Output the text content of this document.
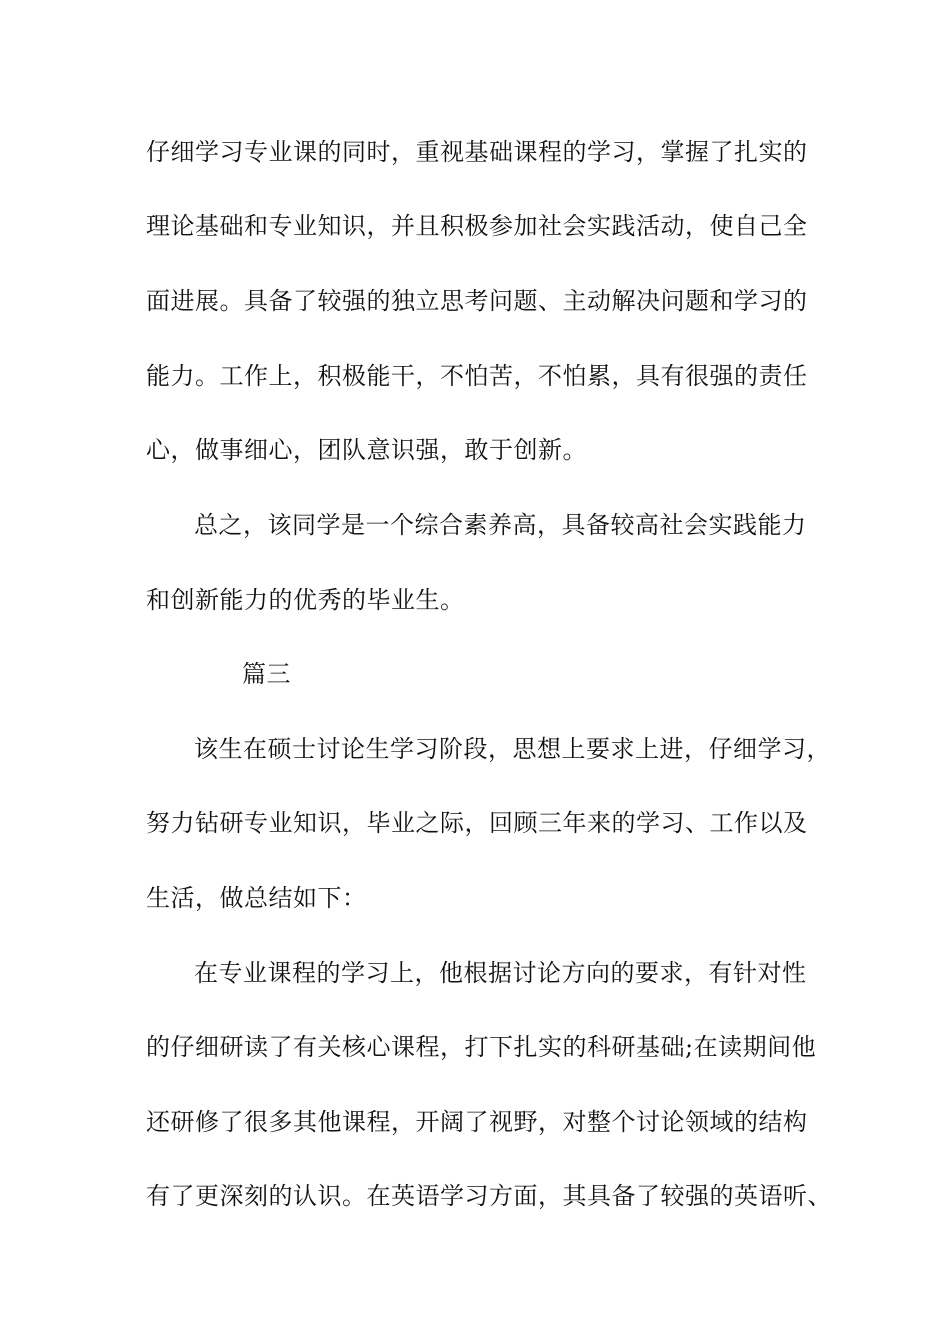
仔细学习专业课的同时，重视基础课程的学习，掌握了扎实的
理论基础和专业知识，并且积极参加社会实践活动，使自己全
面进展。具备了较强的独立思考问题、主动解决问题和学习的
能力。工作上，积极能干，不怕苦，不怕累，具有很强的责任
心，做事细心，团队意识强，敢于创新。
总之，该同学是一个综合素养高，具备较高社会实践能力
和创新能力的优秀的毕业生。
篇三
该生在硕士讨论生学习阶段，思想上要求上进，仔细学习，
努力钻研专业知识，毕业之际，回顾三年来的学习、工作以及
生活，做总结如下：
在专业课程的学习上，他根据讨论方向的要求，有针对性
的仔细研读了有关核心课程，打下扎实的科研基础;在读期间他
还研修了很多其他课程，开阔了视野，对整个讨论领域的结构
有了更深刻的认识。在英语学习方面，其具备了较强的英语听、
